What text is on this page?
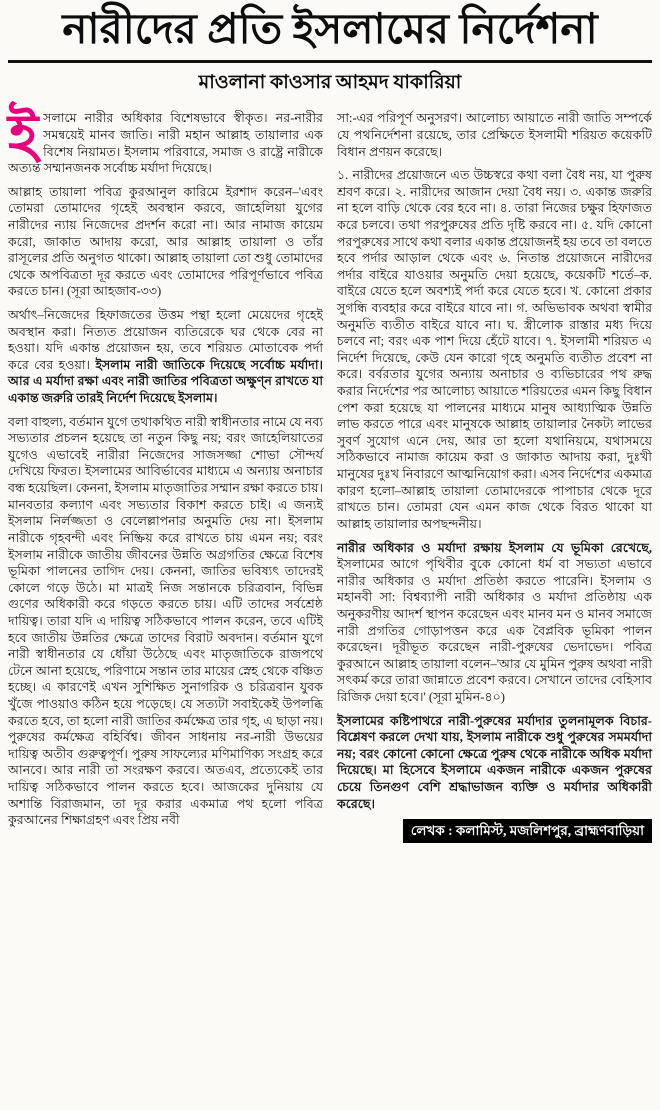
নারীদের প্রতি ইসলামের নির্দেশনা
মাওলানা কাওসার আহমদ যাকারিয়া

ইসলামে নারীর অধিকার বিশেষভাবে স্বীকৃত। নর-নারীর সমন্বয়েই মানব জাতি। নারী মহান আল্লাহ তায়ালার এক বিশেষ নিয়ামত। ইসলাম পরিবারে, সমাজ ও রাষ্ট্রে নারীকে অত্যন্ত সম্মানজনক সর্বোচ্চ মর্যাদা দিয়েছে।

আল্লাহ তায়ালা পবিত্র কুরআনুল কারিমে ইরশাদ করেন–'এবং তোমরা তোমাদের গৃহেই অবস্থান করবে, জাহেলিয়া যুগের নারীদের ন্যায় নিজেদের প্রদর্শন করো না। আর নামাজ কায়েম করো, জাকাত আদায় করো, আর আল্লাহ তায়ালা ও তাঁর রাসূলের প্রতি অনুগত থাকো। আল্লাহ তায়ালা তো শুধু তোমাদের থেকে অপবিত্রতা দূর করতে এবং তোমাদের পরিপূর্ণভাবে পবিত্র করতে চান। (সূরা আহজাব-৩৩)

অর্থাৎ–নিজেদের হিফাজতের উত্তম পন্থা হলো মেয়েদের গৃহেই অবস্থান করা। নিত্যত প্রয়োজন ব্যতিরেকে ঘর থেকে বের না হওয়া। যদি একান্ত প্রয়োজন হয়, তবে শরিয়ত মোতাবেক পর্দা করে বের হওয়া। ইসলাম নারী জাতিকে দিয়েছে সর্বোচ্চ মর্যাদা। আর এ মর্যাদা রক্ষা এবং নারী জাতির পবিত্রতা অক্ষুণ্ন রাখতে যা একান্ত জরুরি তারই নির্দেশ দিয়েছে ইসলাম।

বলা বাহুল্য, বর্তমান যুগে তথাকথিত নারী স্বাধীনতার নামে যে নব্য সভ্যতার প্রচলন হয়েছে তা নতুন কিছু নয়; বরং জাহেলিয়াতের যুগেও এভাবেই নারীরা নিজেদের সাজসজ্জা শোভা সৌন্দর্য দেখিয়ে ফিরত। ইসলামের আবির্ভাবের মাধ্যমে এ অন্যায় অনাচার বন্ধ হয়েছিল। কেননা, ইসলাম মাতৃজাতির সম্মান রক্ষা করতে চায়। মানবতার কল্যাণ এবং সভ্যতার বিকাশ করতে চাই। এ জন্যই ইসলাম নির্লজ্জতা ও বেলেল্লাপনার অনুমতি দেয় না। ইসলাম নারীকে গৃহবন্দী এবং নিষ্ক্রিয় করে রাখতে চায় এমন নয়; বরং ইসলাম নারীকে জাতীয় জীবনের উন্নতি অগ্রগতির ক্ষেত্রে বিশেষ ভূমিকা পালনের তাগিদ দেয়। কেননা, জাতির ভবিষ্যৎ তাদেরই কোলে গড়ে উঠে। মা মাত্রই নিজ সন্তানকে চরিত্রবান, বিভিন্ন গুণের অধিকারী করে গড়তে করতে চায়। এটি তাদের সর্বশ্রেষ্ঠ দায়িত্ব। তারা যদি এ দায়িত্ব সঠিকভাবে পালন করেন, তবে এটিই হবে জাতীয় উন্নতির ক্ষেত্রে তাদের বিরাট অবদান। বর্তমান যুগে নারী স্বাধীনতার যে ধোঁয়া উঠেছে এবং মাতৃজাতিকে রাজপথে টেনে আনা হয়েছে, পরিণামে সন্তান তার মায়ের স্নেহ থেকে বঞ্চিত হচ্ছে। এ কারণেই এখন সুশিক্ষিত সুনাগরিক ও চরিত্রবান যুবক খুঁজে পাওয়াও কঠিন হয়ে পড়েছে। যে সত্যটা সবাইকেই উপলব্ধি করতে হবে, তা হলো নারী জাতির কর্মক্ষেত্র তার গৃহ, এ ছাড়া নয়। পুরুষের কর্মক্ষেত্র বহির্বিশ্ব। জীবন সাধনায় নর-নারী উভয়ের দায়িত্ব অতীব গুরুত্বপূর্ণ। পুরুষ সাফল্যের মণিমাণিক্য সংগ্রহ করে আনবে। আর নারী তা সংরক্ষণ করবে। অতএব, প্রত্যেকেই তার দায়িত্ব সঠিকভাবে পালন করতে হবে। আজকের দুনিয়ায় যে অশান্তি বিরাজমান, তা দূর করার একমাত্র পথ হলো পবিত্র কুরআনের শিক্ষাগ্রহণ এবং প্রিয় নবী

সা:-এর পরিপূর্ণ অনুসরণ। আলোচ্য আয়াতে নারী জাতি সম্পর্কে যে পথনির্দেশনা রয়েছে, তার প্রেক্ষিতে ইসলামী শরিয়ত কয়েকটি বিধান প্রণয়ন করেছে।

১. নারীদের প্রয়োজনে এত উচ্চস্বরে কথা বলা বৈধ নয়, যা পুরুষ শ্রবণ করে। ২. নারীদের আজান দেয়া বৈধ নয়। ৩. একান্ত জরুরি না হলে বাড়ি থেকে বের হবে না। ৪. তারা নিজের চক্ষুর হিফাজত করে চলবে। তথা পরপুরুষের প্রতি দৃষ্টি করবে না। ৫. যদি কোনো পরপুরুষের সাথে কথা বলার একান্ত প্রয়োজনই হয় তবে তা বলতে হবে পর্দার আড়াল থেকে এবং ৬. নিতান্ত প্রয়োজনে নারীদের পর্দার বাইরে যাওয়ার অনুমতি দেয়া হয়েছে, কয়েকটি শর্তে–ক. বাইরে যেতে হলে অবশ্যই পর্দা করে যেতে হবে। খ. কোনো প্রকার সুগন্ধি ব্যবহার করে বাইরে যাবে না। গ. অভিভাবক অথবা স্বামীর অনুমতি ব্যতীত বাইরে যাবে না। ঘ. স্ত্রীলোক রাস্তার মধ্য দিয়ে চলবে না; বরং এক পাশ দিয়ে হেঁটে যাবে। ৭. ইসলামী শরিয়ত এ নির্দেশ দিয়েছে, কেউ যেন কারো গৃহে অনুমতি ব্যতীত প্রবেশ না করে। বর্বরতার যুগের অন্যায় অনাচার ও ব্যভিচারের পথ রুদ্ধ করার নির্দেশের পর আলোচ্য আয়াতে শরিয়তের এমন কিছু বিধান পেশ করা হয়েছে যা পালনের মাধ্যমে মানুষ আধ্যাত্মিক উন্নতি লাভ করতে পারে এবং মানুষকে আল্লাহ তায়ালার নৈকট্য লাভের সুবর্ণ সুযোগ এনে দেয়, আর তা হলো যথানিয়মে, যথাসময়ে সঠিকভাবে নামাজ কায়েম করা ও জাকাত আদায় করা, দুঃখী মানুষের দুঃখ নিবারণে আত্মনিয়োগ করা। এসব নির্দেশের একমাত্র কারণ হলো–আল্লাহ তায়ালা তোমাদেরকে পাপাচার থেকে দূরে রাখতে চান। তোমরা যেন এমন কাজ থেকে বিরত থাকো যা আল্লাহ তায়ালার অপছন্দনীয়।

নারীর অধিকার ও মর্যাদা রক্ষায় ইসলাম যে ভূমিকা রেখেছে, ইসলামের আগে পৃথিবীর বুকে কোনো ধর্ম বা সভ্যতা এভাবে নারীর অধিকার ও মর্যাদা প্রতিষ্ঠা করতে পারেনি। ইসলাম ও মহানবী সা: বিশ্বব্যাপী নারী অধিকার ও মর্যাদা প্রতিষ্ঠায় এক অনুকরণীয় আদর্শ স্থাপন করেছেন এবং মানব মন ও মানব সমাজে নারী প্রগতির গোড়াপত্তন করে এক বৈপ্লবিক ভূমিকা পালন করেছেন। দূরীভূত করেছেন নারী-পুরুষের ভেদাভেদ। পবিত্র কুরআনে আল্লাহ তায়ালা বলেন–'আর যে মুমিন পুরুষ অথবা নারী সৎকর্ম করে তারা জান্নাতে প্রবেশ করবে। সেখানে তাদের বেহিসাব রিজিক দেয়া হবে।' (সূরা মুমিন-৪০)

ইসলামের কষ্টিপাথরে নারী-পুরুষের মর্যাদার তুলনামূলক বিচার-বিশ্লেষণ করলে দেখা যায়, ইসলাম নারীকে শুধু পুরুষের সমমর্যাদা নয়; বরং কোনো কোনো ক্ষেত্রে পুরুষ থেকে নারীকে অধিক মর্যাদা দিয়েছে। মা হিসেবে ইসলামে একজন নারীকে একজন পুরুষের চেয়ে তিনগুণ বেশি শ্রদ্ধাভাজন ব্যক্তি ও মর্যাদার অধিকারী করেছে।

লেখক : কলামিস্ট, মজলিশপুর, ব্রাহ্মণবাড়িয়া
